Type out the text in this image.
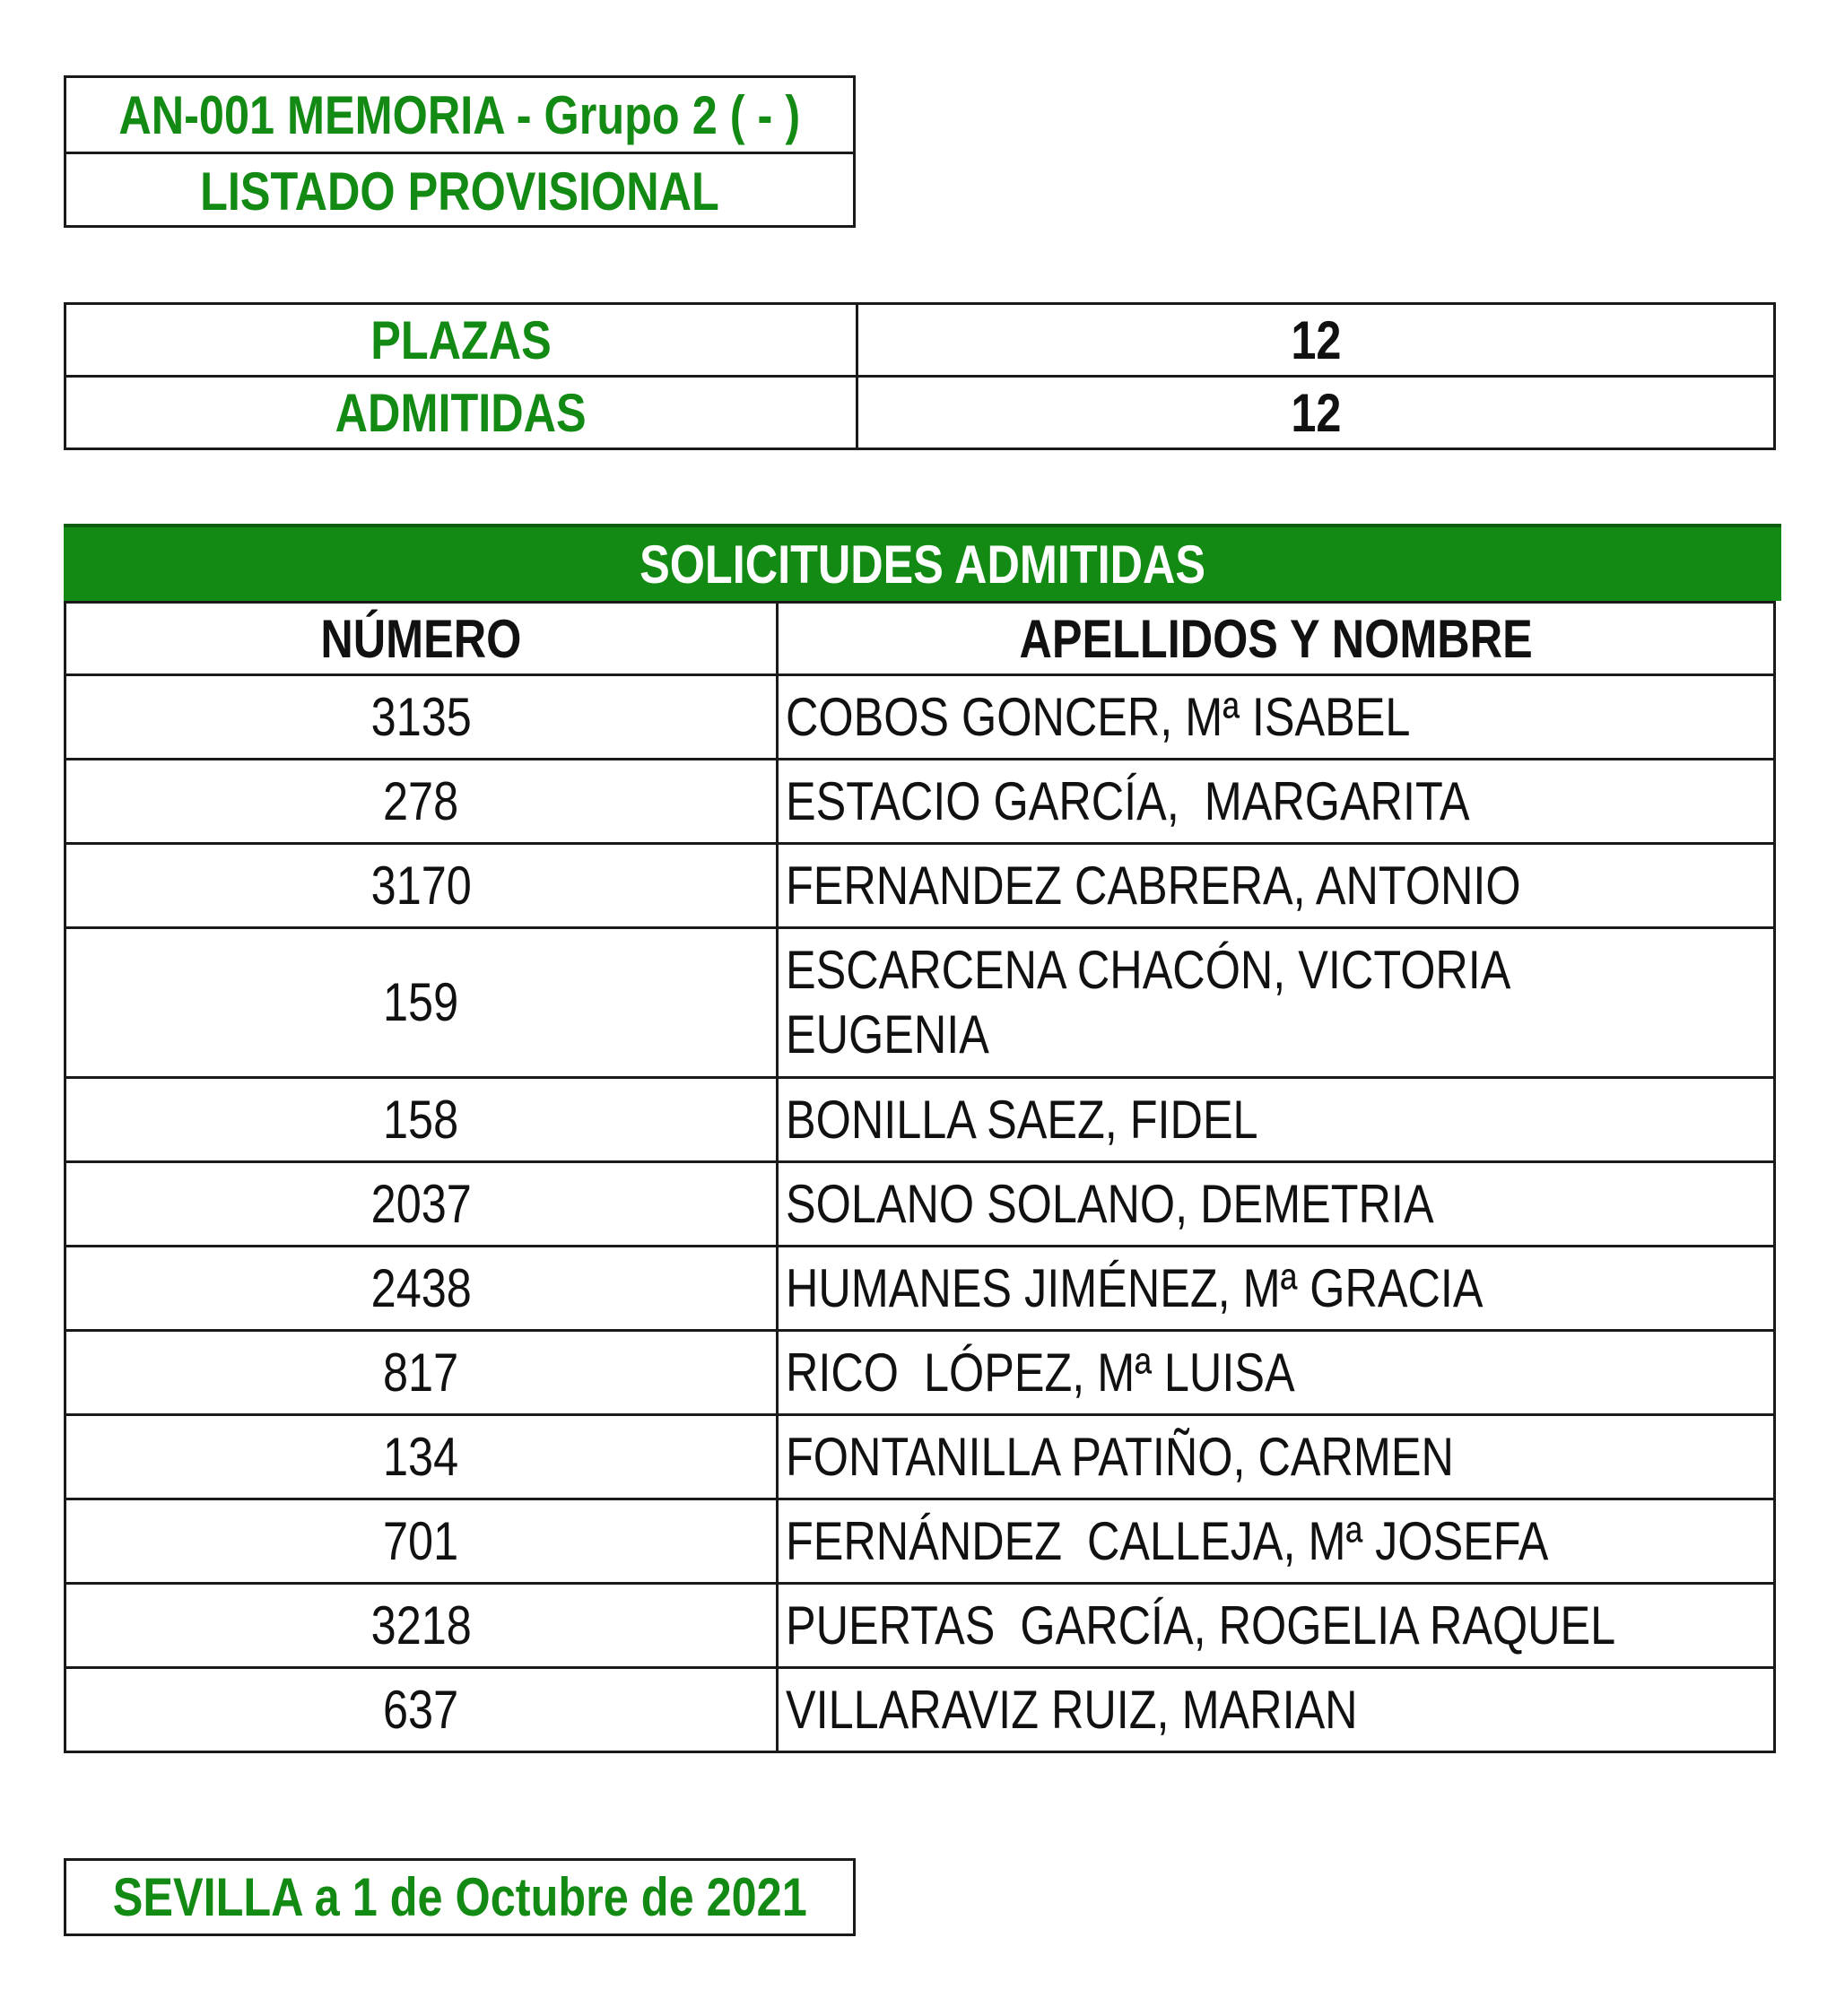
AN-001 MEMORIA - Grupo 2 ( - )
LISTADO PROVISIONAL
PLAZAS	12
ADMITIDAS	12
SOLICITUDES ADMITIDAS
NÚMERO	APELLIDOS Y NOMBRE
3135	COBOS GONCER, Mª ISABEL
278	ESTACIO GARCÍA,  MARGARITA
3170	FERNANDEZ CABRERA, ANTONIO
159	ESCARCENA CHACÓN, VICTORIA
EUGENIA

158	BONILLA SAEZ, FIDEL
2037	SOLANO SOLANO, DEMETRIA
2438	HUMANES JIMÉNEZ, Mª GRACIA
817	RICO  LÓPEZ, Mª LUISA
134	FONTANILLA PATIÑO, CARMEN
701	FERNÁNDEZ  CALLEJA, Mª JOSEFA
3218	PUERTAS  GARCÍA, ROGELIA RAQUEL
637	VILLARAVIZ RUIZ, MARIAN
SEVILLA a 1 de Octubre de 2021
